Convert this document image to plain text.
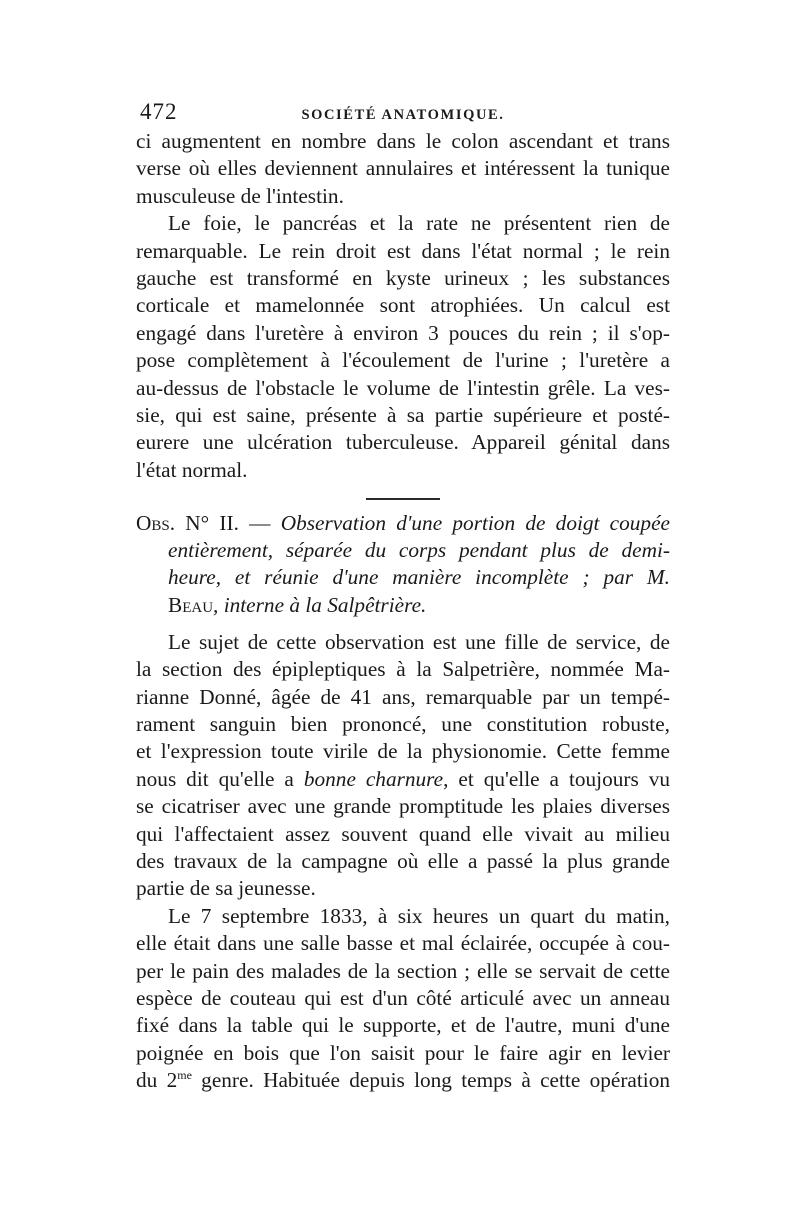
472	SOCIÉTÉ ANATOMIQUE.
ci augmentent en nombre dans le colon ascendant et trans
verse où elles deviennent annulaires et intéressent la tunique
musculeuse de l'intestin.
Le foie, le pancréas et la rate ne présentent rien de
remarquable. Le rein droit est dans l'état normal ; le rein
gauche est transformé en kyste urineux ; les substances
corticale et mamelonnée sont atrophiées. Un calcul est
engagé dans l'uretère à environ 3 pouces du rein ; il s'op-
pose complètement à l'écoulement de l'urine ; l'uretère a
au-dessus de l'obstacle le volume de l'intestin grêle. La ves-
sie, qui est saine, présente à sa partie supérieure et posté-
eurere une ulcération tuberculeuse. Appareil génital dans
l'état normal.
Obs. N° II. — Observation d'une portion de doigt coupée
entièrement, séparée du corps pendant plus de demi-
heure, et réunie d'une manière incomplète ; par M.
Beau, interne à la Salpêtrière.
Le sujet de cette observation est une fille de service, de
la section des épipleptiques à la Salpetrière, nommée Ma-
rianne Donné, âgée de 41 ans, remarquable par un tempé-
rament sanguin bien prononcé, une constitution robuste,
et l'expression toute virile de la physionomie. Cette femme
nous dit qu'elle a bonne charnure, et qu'elle a toujours vu
se cicatriser avec une grande promptitude les plaies diverses
qui l'affectaient assez souvent quand elle vivait au milieu
des travaux de la campagne où elle a passé la plus grande
partie de sa jeunesse.
Le 7 septembre 1833, à six heures un quart du matin,
elle était dans une salle basse et mal éclairée, occupée à cou-
per le pain des malades de la section ; elle se servait de cette
espèce de couteau qui est d'un côté articulé avec un anneau
fixé dans la table qui le supporte, et de l'autre, muni d'une
poignée en bois que l'on saisit pour le faire agir en levier
du $2^{me}$ genre. Habituée depuis long temps à cette opération
